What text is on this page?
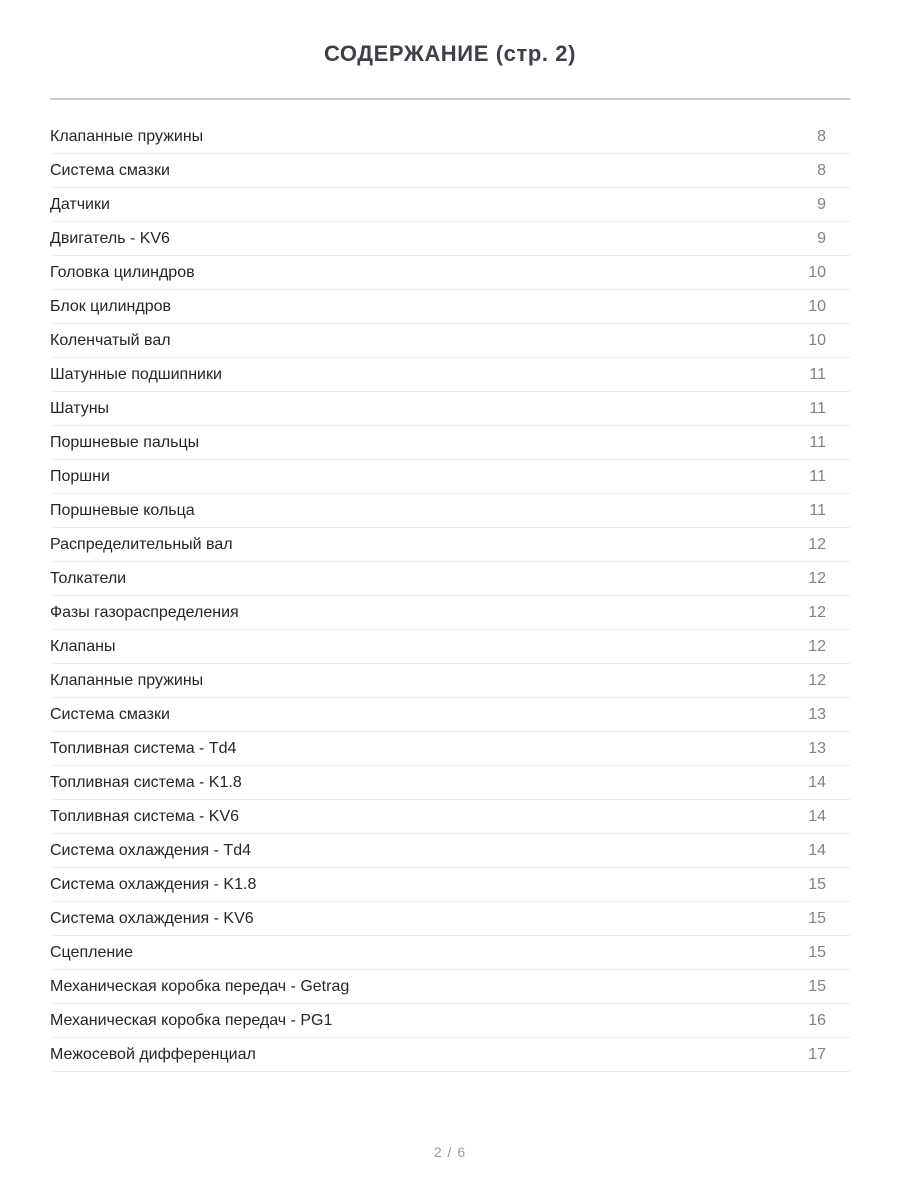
СОДЕРЖАНИЕ (стр. 2)
Клапанные пружины	8
Система смазки	8
Датчики	9
Двигатель - KV6	9
Головка цилиндров	10
Блок цилиндров	10
Коленчатый вал	10
Шатунные подшипники	11
Шатуны	11
Поршневые пальцы	11
Поршни	11
Поршневые кольца	11
Распределительный вал	12
Толкатели	12
Фазы газораспределения	12
Клапаны	12
Клапанные пружины	12
Система смазки	13
Топливная система - Td4	13
Топливная система - K1.8	14
Топливная система - KV6	14
Система охлаждения - Td4	14
Система охлаждения - K1.8	15
Система охлаждения - KV6	15
Сцепление	15
Механическая коробка передач - Getrag	15
Механическая коробка передач - PG1	16
Межосевой дифференциал	17
2 / 6
